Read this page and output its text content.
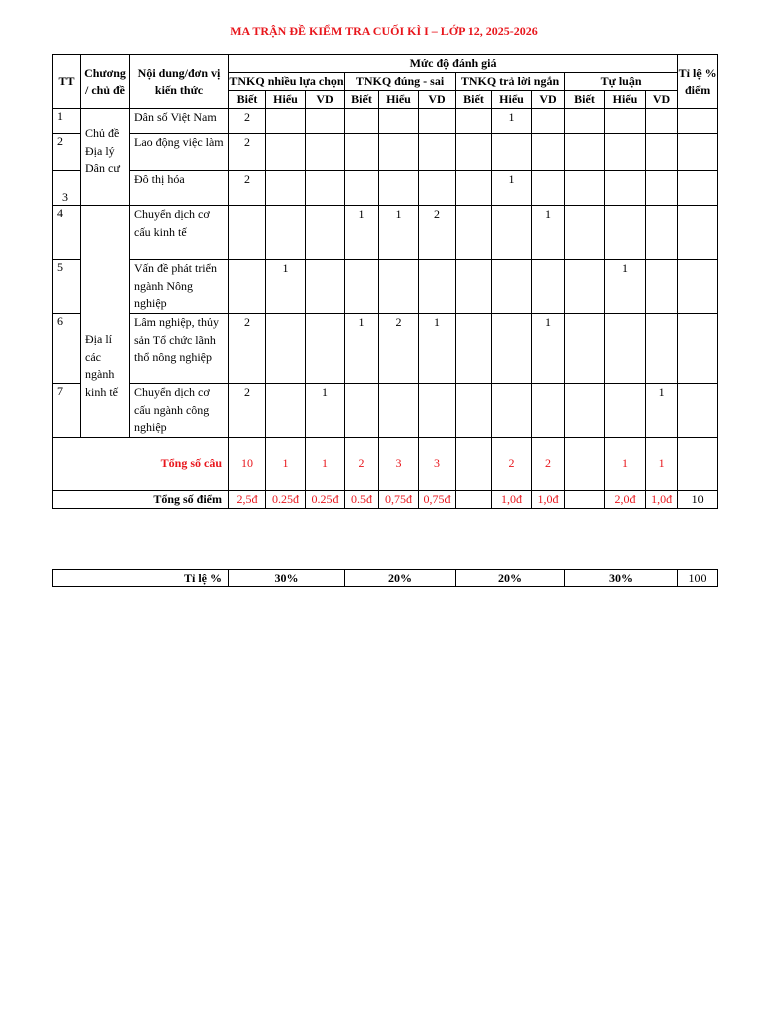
MA TRẬN ĐỀ KIỂM TRA CUỐI KÌ I – LỚP 12, 2025-2026
TT	Chương / chủ đề	Nội dung/đơn vị kiến thức	Mức độ đánh giá												Tỉ lệ % điểm
			TNKQ nhiều lựa chọn			TNKQ đúng - sai			TNKQ trả lời ngắn			Tự luận			
			Biết	Hiểu	VD	Biết	Hiểu	VD	Biết	Hiểu	VD	Biết	Hiểu	VD	
1	Chủ đề Địa lý Dân cư	Dân số Việt Nam	2							1					
2		Lao động việc làm	2												
3		Đô thị hóa	2							1					
4	Địa lí các ngành kinh tế	Chuyển dịch cơ cấu kinh tế				1	1	2			1				
5		Vấn đề phát triển ngành Nông nghiệp		1									1		
6		Lâm nghiệp, thủy sản Tổ chức lãnh thổ nông nghiệp	2			1	2	1			1				
7		Chuyển dịch cơ cấu ngành công nghiệp	2		1									1	
Tổng số câu			10	1	1	2	3	3		2	2		1	1	
Tổng số điểm			2,5đ	0.25đ	0.25đ	0.5đ	0,75đ	0,75đ		1,0đ	1,0đ		2,0đ	1,0đ	10
Tỉ lệ %	30%	20%	20%	30%	100
